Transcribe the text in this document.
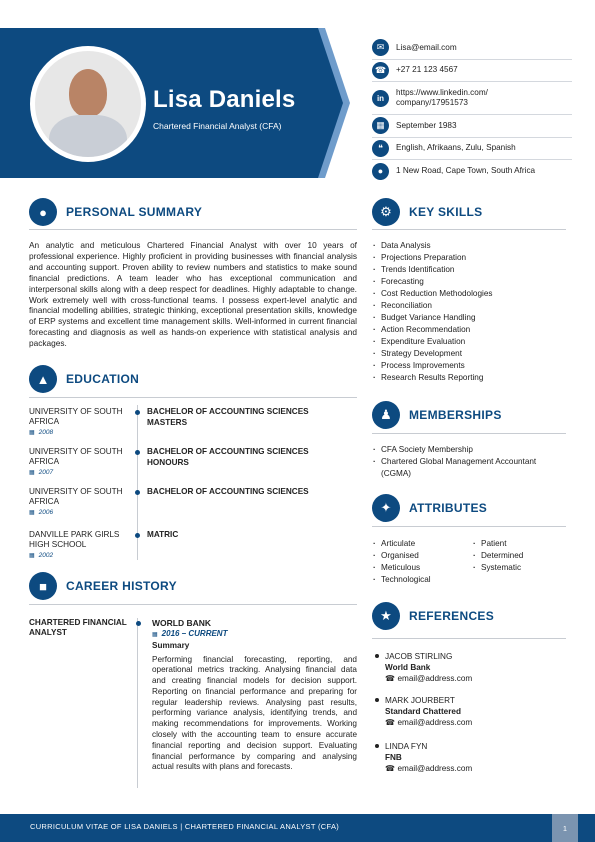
Lisa Daniels
Chartered Financial Analyst (CFA)
✉	Lisa@email.com
☎	+27 21 123 4567
in
https://www.linkedin.com/ company/17951573
▦	September 1983
❝	English, Afrikaans, Zulu, Spanish
●	1 New Road, Cape Town, South Africa
●	PERSONAL SUMMARY
An analytic and meticulous Chartered Financial Analyst with over 10 years of professional experience. Highly proficient in providing businesses with financial analysis and accounting support. Proven ability to review numbers and statistics to make sound financial predictions. A team leader who has exceptional communication and interpersonal skills along with a deep respect for deadlines. Highly adaptable to change. Work extremely well with cross-functional teams. I possess expert-level analytic and financial modelling abilities, strategic thinking, exceptional presentation skills, knowledge of ERP systems and excellent time management skills. Well-informed in current financial forecasting and diagnosis as well as hands-on experience with statistical analysis and packages.
▲	EDUCATION
UNIVERSITY OF SOUTH AFRICA
▦ 2008
BACHELOR OF ACCOUNTING SCIENCES MASTERS
UNIVERSITY OF SOUTH AFRICA
▦ 2007
BACHELOR OF ACCOUNTING SCIENCES HONOURS
UNIVERSITY OF SOUTH AFRICA
▦ 2006
BACHELOR OF ACCOUNTING SCIENCES
DANVILLE PARK GIRLS HIGH SCHOOL
▦ 2002
MATRIC
■	CAREER HISTORY
CHARTERED FINANCIAL ANALYST
WORLD BANK
▦ 2016 – CURRENT
Summary
Performing financial forecasting, reporting, and operational metrics tracking. Analysing financial data and creating financial models for decision support. Reporting on financial performance and preparing for regular leadership reviews. Analysing past results, performing variance analysis, identifying trends, and making recommendations for improvements. Working closely with the accounting team to ensure accurate financial reporting and decision support. Evaluating financial performance by comparing and analysing actual results with plans and forecasts.
⚙	KEY SKILLS
· Data Analysis
· Projections Preparation
· Trends Identification
· Forecasting
· Cost Reduction Methodologies
· Reconciliation
· Budget Variance Handling
· Action Recommendation
· Expenditure Evaluation
· Strategy Development
· Process Improvements
· Research Results Reporting
♟	MEMBERSHIPS
· CFA Society Membership
· Chartered Global Management Accountant (CGMA)
✦	ATTRIBUTES
· Articulate	· Patient
· Organised	· Determined
· Meticulous	· Systematic
· Technological
★	REFERENCES
JACOB STIRLING
World Bank
☎ email@address.com
MARK JOURBERT
Standard Chattered
☎ email@address.com
LINDA FYN
FNB
☎ email@address.com
CURRICULUM VITAE OF LISA DANIELS | CHARTERED FINANCIAL ANALYST (CFA)	1
